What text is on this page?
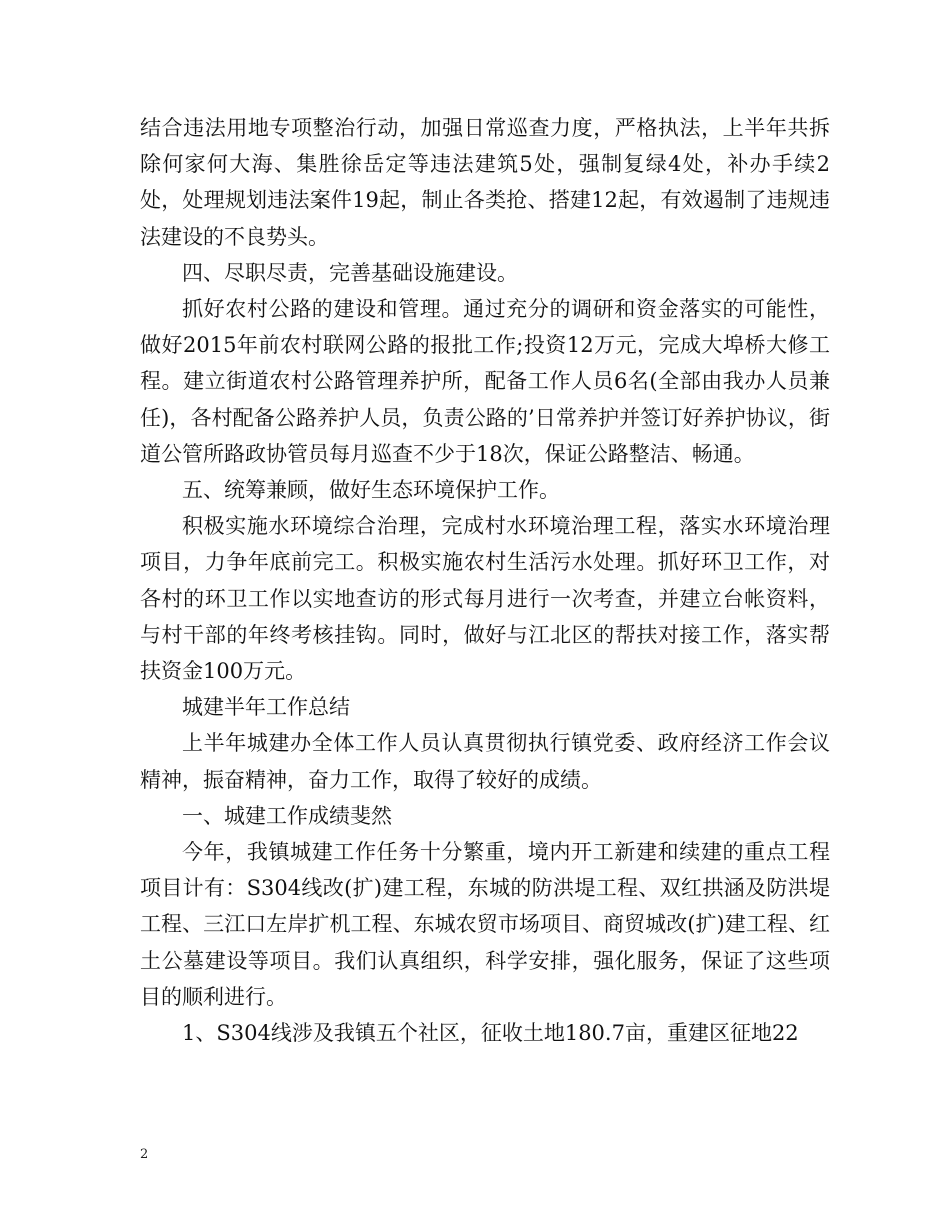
结合违法用地专项整治行动，加强日常巡查力度，严格执法，上半年共拆除何家何大海、集胜徐岳定等违法建筑5处，强制复绿4处，补办手续2处，处理规划违法案件19起，制止各类抢、搭建12起，有效遏制了违规违法建设的不良势头。

四、尽职尽责，完善基础设施建设。

抓好农村公路的建设和管理。通过充分的调研和资金落实的可能性，做好2015年前农村联网公路的报批工作;投资12万元，完成大埠桥大修工程。建立街道农村公路管理养护所，配备工作人员6名(全部由我办人员兼任)，各村配备公路养护人员，负责公路的’日常养护并签订好养护协议，街道公管所路政协管员每月巡查不少于18次，保证公路整洁、畅通。

五、统筹兼顾，做好生态环境保护工作。

积极实施水环境综合治理，完成村水环境治理工程，落实水环境治理项目，力争年底前完工。积极实施农村生活污水处理。抓好环卫工作，对各村的环卫工作以实地查访的形式每月进行一次考查，并建立台帐资料，与村干部的年终考核挂钩。同时，做好与江北区的帮扶对接工作，落实帮扶资金100万元。

城建半年工作总结

上半年城建办全体工作人员认真贯彻执行镇党委、政府经济工作会议精神，振奋精神，奋力工作，取得了较好的成绩。

一、城建工作成绩斐然

今年，我镇城建工作任务十分繁重，境内开工新建和续建的重点工程项目计有：S304线改(扩)建工程，东城的防洪堤工程、双红拱涵及防洪堤工程、三江口左岸扩机工程、东城农贸市场项目、商贸城改(扩)建工程、红土公墓建设等项目。我们认真组织，科学安排，强化服务，保证了这些项目的顺利进行。

1、S304线涉及我镇五个社区，征收土地180.7亩，重建区征地22

2
